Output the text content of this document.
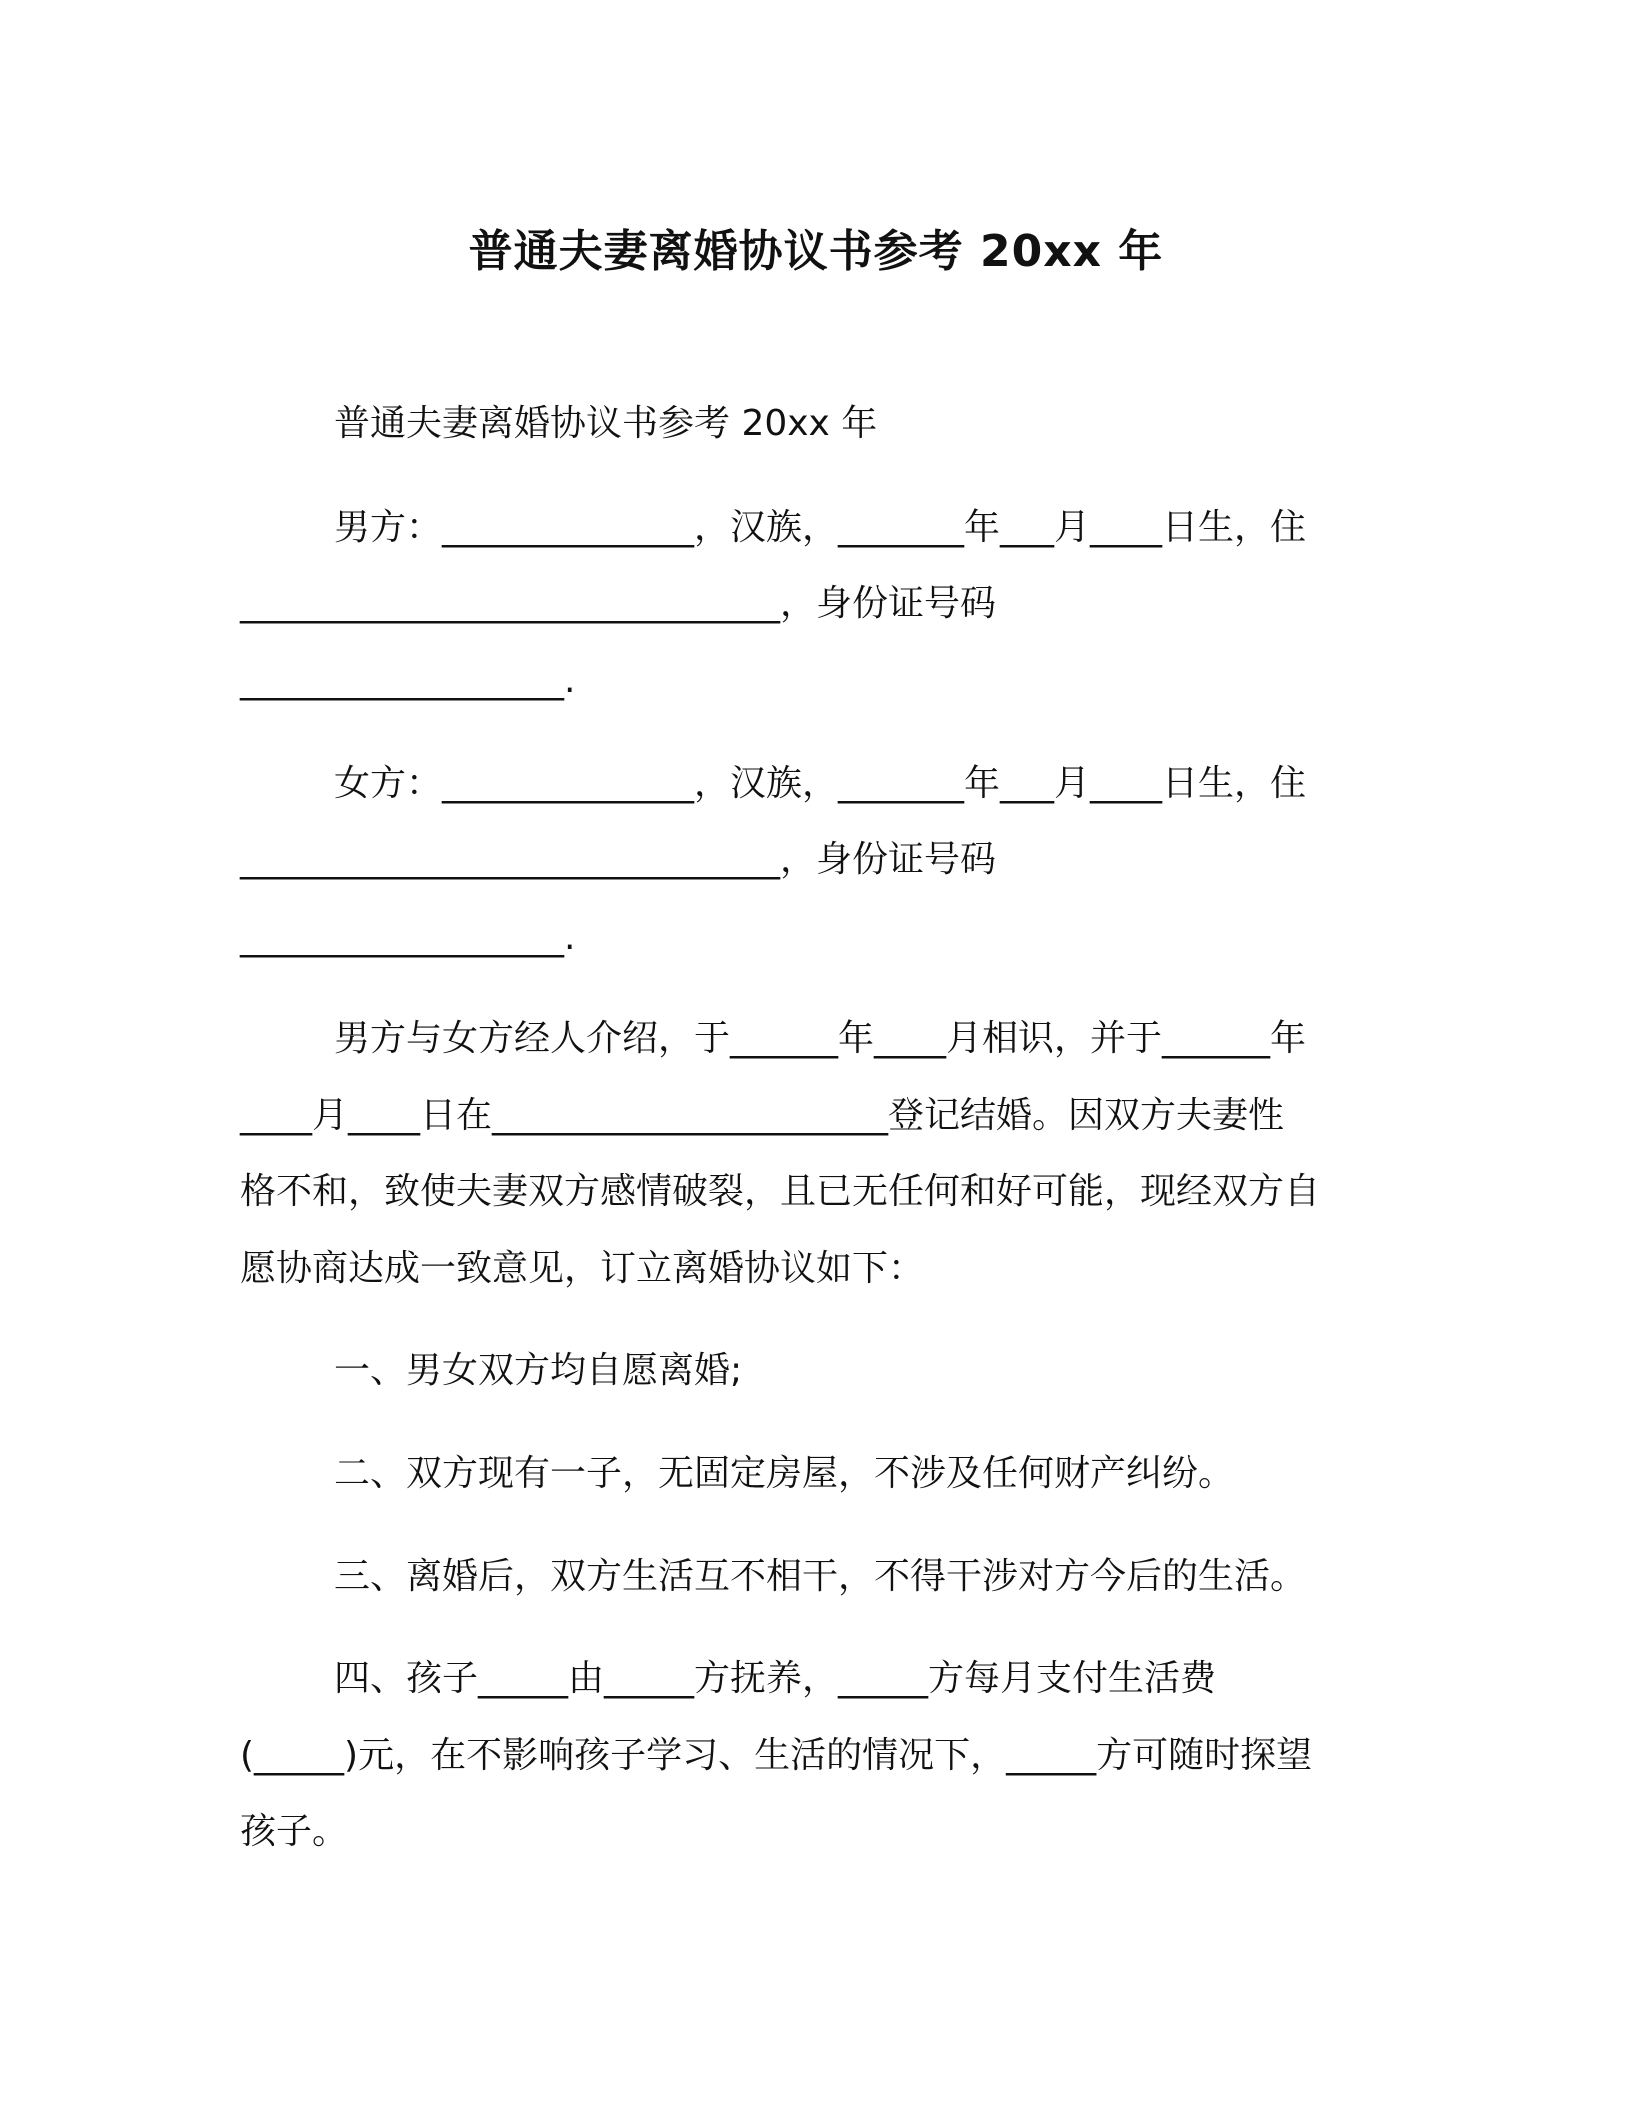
普通夫妻离婚协议书参考 20xx 年
普通夫妻离婚协议书参考 20xx 年
男方：______________，汉族，_______年___月____日生，住
______________________________，身份证号码
__________________.
女方：______________，汉族，_______年___月____日生，住
______________________________，身份证号码
__________________.
男方与女方经人介绍，于______年____月相识，并于______年
____月____日在______________________登记结婚。因双方夫妻性
格不和，致使夫妻双方感情破裂，且已无任何和好可能，现经双方自
愿协商达成一致意见，订立离婚协议如下：
一、男女双方均自愿离婚;
二、双方现有一子，无固定房屋，不涉及任何财产纠纷。
三、离婚后，双方生活互不相干，不得干涉对方今后的生活。
四、孩子_____由_____方抚养，_____方每月支付生活费
(_____)元，在不影响孩子学习、生活的情况下，_____方可随时探望
孩子。
